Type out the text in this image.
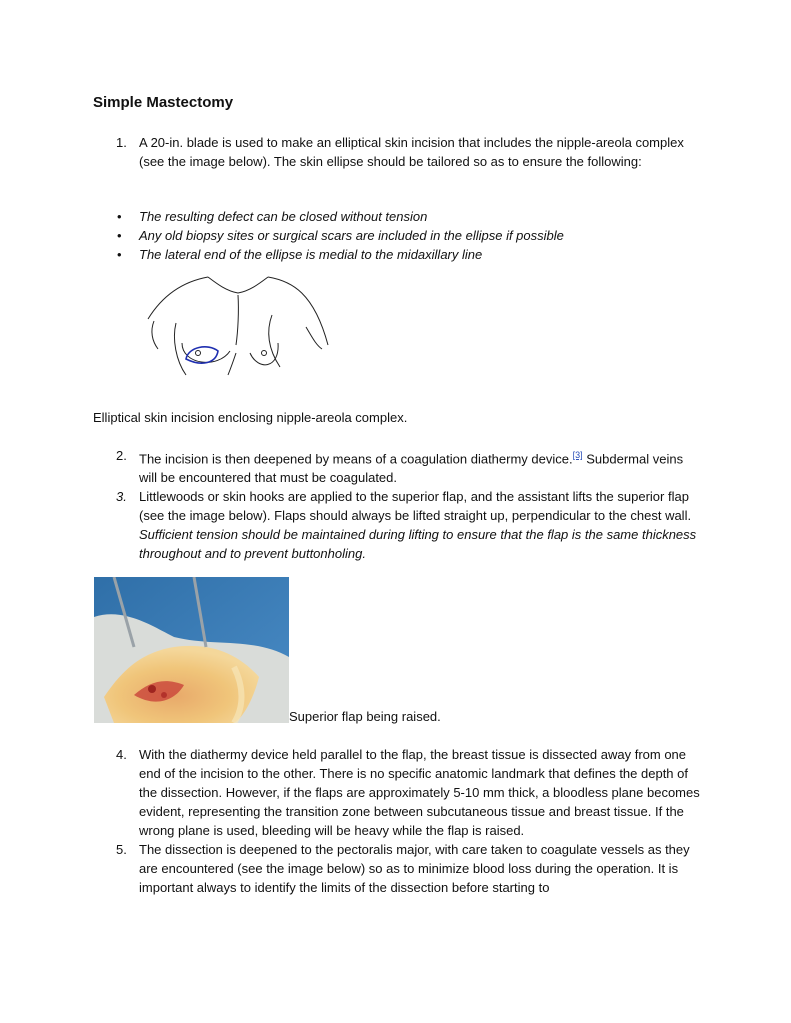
Simple Mastectomy
1. A 20-in. blade is used to make an elliptical skin incision that includes the nipple-areola complex (see the image below). The skin ellipse should be tailored so as to ensure the following:
• The resulting defect can be closed without tension
• Any old biopsy sites or surgical scars are included in the ellipse if possible
• The lateral end of the ellipse is medial to the midaxillary line
Elliptical skin incision enclosing nipple-areola complex.
2. The incision is then deepened by means of a coagulation diathermy device.[3] Subdermal veins will be encountered that must be coagulated.
3. Littlewoods or skin hooks are applied to the superior flap, and the assistant lifts the superior flap (see the image below). Flaps should always be lifted straight up, perpendicular to the chest wall. Sufficient tension should be maintained during lifting to ensure that the flap is the same thickness throughout and to prevent buttonholing.
Superior flap being raised.
4. With the diathermy device held parallel to the flap, the breast tissue is dissected away from one end of the incision to the other. There is no specific anatomic landmark that defines the depth of the dissection. However, if the flaps are approximately 5-10 mm thick, a bloodless plane becomes evident, representing the transition zone between subcutaneous tissue and breast tissue. If the wrong plane is used, bleeding will be heavy while the flap is raised.
5. The dissection is deepened to the pectoralis major, with care taken to coagulate vessels as they are encountered (see the image below) so as to minimize blood loss during the operation. It is important always to identify the limits of the dissection before starting to
